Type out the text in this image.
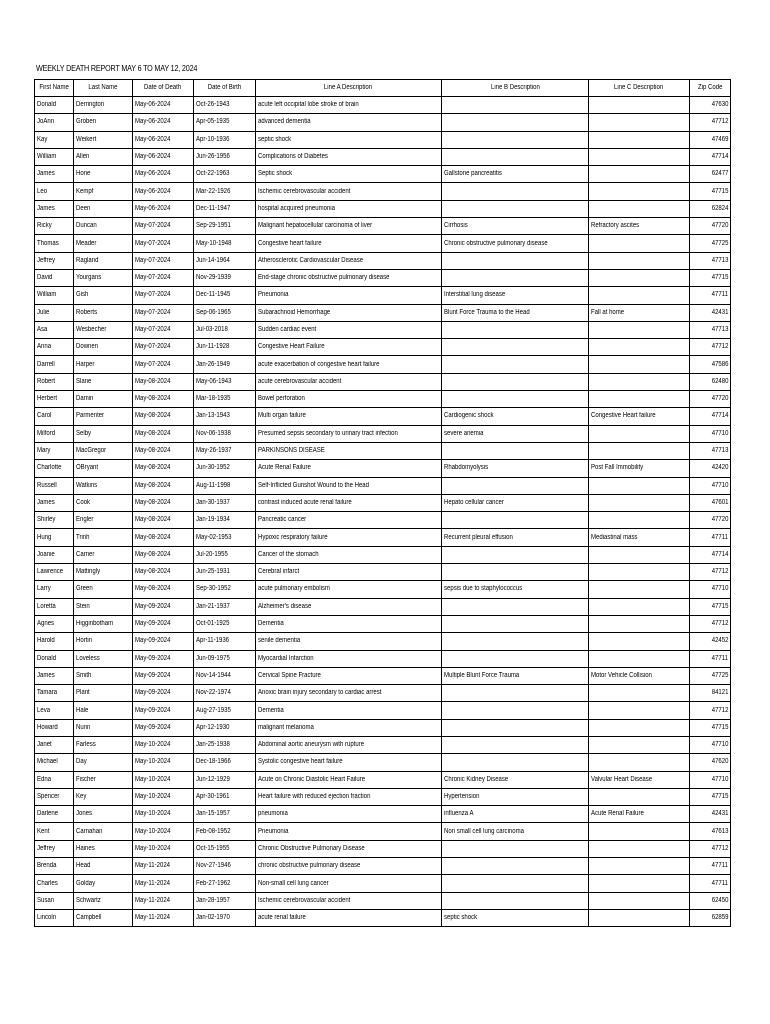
WEEKLY DEATH REPORT MAY 6 TO MAY 12, 2024
First Name	Last Name	Date of Death	Date of Birth	Line A Description	Line B Description	Line C Description	Zip Code
Donald	Derrington	May-06-2024	Oct-26-1943	acute left occipital lobe stroke of brain			47630
JoAnn	Groben	May-06-2024	Apr-05-1935	advanced dementia			47712
Kay	Weikert	May-06-2024	Apr-10-1936	septic shock			47469
William	Allen	May-06-2024	Jun-26-1956	Complications of Diabetes			47714
James	Hone	May-06-2024	Oct-22-1963	Septic shock	Gallstone pancreatitis		62477
Leo	Kempf	May-06-2024	Mar-22-1926	Ischemic cerebrovascular accident			47715
James	Deen	May-06-2024	Dec-11-1947	hospital acquired pneumonia			62824
Ricky	Duncan	May-07-2024	Sep-29-1951	Malignant hepatocellular carcinoma of liver	Cirrhosis	Refractory ascites	47720
Thomas	Meader	May-07-2024	May-10-1948	Congestive heart failure	Chronic obstructive pulmonary disease		47725
Jeffrey	Ragland	May-07-2024	Jun-14-1964	Atherosclerotic Cardiovascular Disease			47713
David	Yourgans	May-07-2024	Nov-29-1939	End-stage chronic obstructive pulmonary disease			47715
William	Gish	May-07-2024	Dec-11-1945	Pneumonia	Interstitial lung disease		47711
Julie	Roberts	May-07-2024	Sep-06-1965	Subarachnoid Hemorrhage	Blunt Force Trauma to the Head	Fall at home	42431
Asa	Wesbecher	May-07-2024	Jul-03-2018	Sudden cardiac event			47713
Anna	Downen	May-07-2024	Jun-11-1928	Congestive Heart Failure			47712
Darrell	Harper	May-07-2024	Jan-26-1949	acute exacerbation of congestive heart failure			47586
Robert	Slane	May-08-2024	May-06-1943	acute cerebrovascular accident			62480
Herbert	Damin	May-08-2024	Mar-18-1935	Bowel perforation			47720
Carol	Parmenter	May-08-2024	Jan-13-1943	Multi organ failure	Cardiogenic shock	Congestive Heart failure	47714
Milford	Selby	May-08-2024	Nov-06-1938	Presumed sepsis secondary to urinary tract infection	severe anemia		47710
Mary	MacGregor	May-08-2024	May-26-1937	PARKINSONS DISEASE			47713
Charlotte	OBryant	May-08-2024	Jun-30-1952	Acute Renal Failure	Rhabdomyolysis	Post Fall Immobility	42420
Russell	Watkins	May-08-2024	Aug-11-1998	Self-Inflicted Gunshot Wound to the Head			47710
James	Cook	May-08-2024	Jan-30-1937	contrast induced acute renal failure	Hepato cellular cancer		47601
Shirley	Engler	May-08-2024	Jan-19-1934	Pancreatic cancer			47720
Hung	Trinh	May-08-2024	May-02-1953	Hypoxic respiratory failure	Recurrent pleural effusion	Mediastinal mass	47711
Joanie	Carner	May-08-2024	Jul-20-1955	Cancer of the stomach			47714
Lawrence	Mattingly	May-08-2024	Jun-25-1931	Cerebral infarct			47712
Larry	Green	May-08-2024	Sep-30-1952	acute pulmonary embolism	sepsis due to staphylococcus		47710
Loretta	Stein	May-09-2024	Jan-21-1937	Alzheimer's disease			47715
Agnes	Higginbotham	May-09-2024	Oct-01-1925	Dementia			47712
Harold	Hortin	May-09-2024	Apr-11-1936	senile dementia			42452
Donald	Loveless	May-09-2024	Jun-09-1975	Myocardial Infarction			47711
James	Smith	May-09-2024	Nov-14-1944	Cervical Spine Fracture	Multiple Blunt Force Trauma	Motor Vehicle Collision	47725
Tamara	Plant	May-09-2024	Nov-22-1974	Anoxic brain injury secondary to cardiac arrest			84121
Leva	Hale	May-09-2024	Aug-27-1935	Dementia			47712
Howard	Nunn	May-09-2024	Apr-12-1930	malignant melanoma			47715
Janet	Farless	May-10-2024	Jan-25-1938	Abdominal aortic aneurysm with rupture			47710
Michael	Day	May-10-2024	Dec-18-1966	Systolic congestive heart failure			47620
Edna	Fischer	May-10-2024	Jun-12-1929	Acute on Chronic Diastolic Heart Failure	Chronic Kidney Disease	Valvular Heart Disease	47710
Spencer	Key	May-10-2024	Apr-30-1961	Heart failure with reduced ejection fraction	Hypertension		47715
Darlene	Jones	May-10-2024	Jan-15-1957	pneumonia	influenza A	Acute Renal Failure	42431
Kent	Carnahan	May-10-2024	Feb-08-1952	Pneumonia	Non small cell lung carcinoma		47613
Jeffrey	Haines	May-10-2024	Oct-15-1955	Chronic Obstructive Pulmonary Disease			47712
Brenda	Head	May-11-2024	Nov-27-1946	chronic obstructive pulmonary disease			47711
Charles	Golday	May-11-2024	Feb-27-1962	Non-small cell lung cancer			47711
Susan	Schwartz	May-11-2024	Jan-28-1957	Ischemic cerebrovascular accident			62450
Lincoln	Campbell	May-11-2024	Jan-02-1970	acute renal failure	septic shock		62859
